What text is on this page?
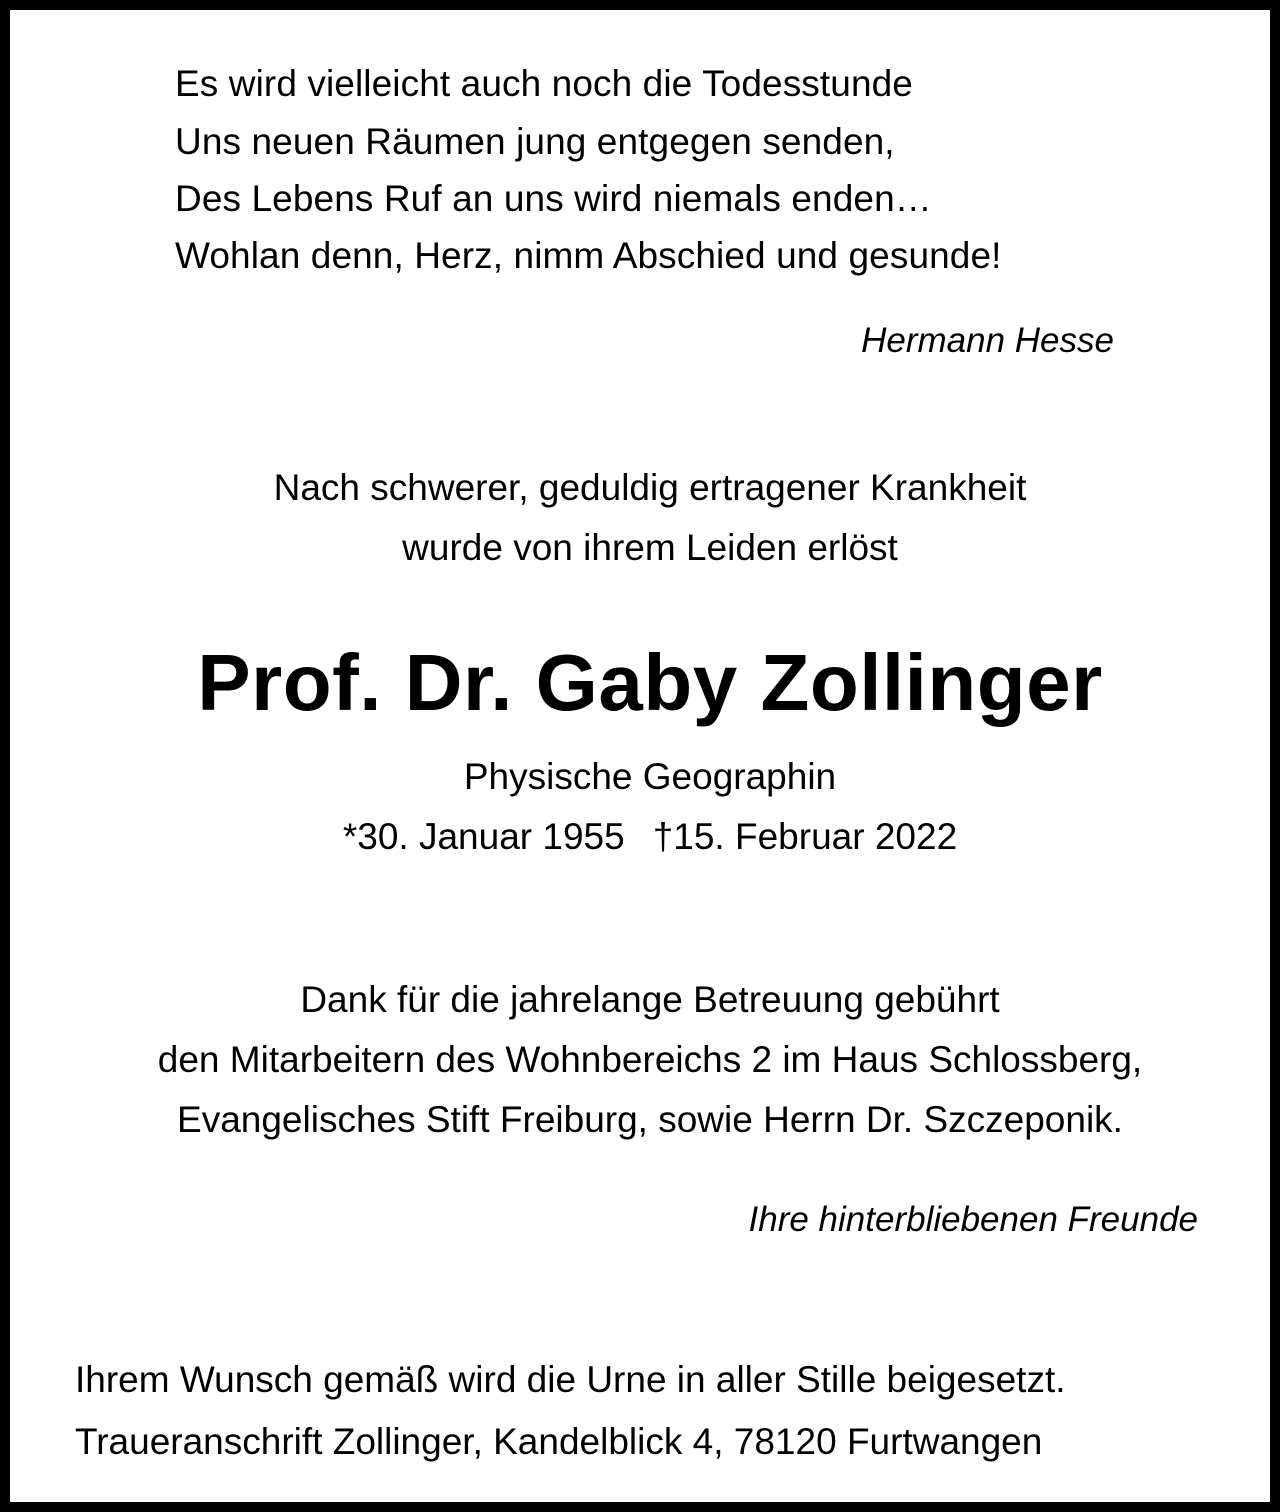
Es wird vielleicht auch noch die Todesstunde
Uns neuen Räumen jung entgegen senden,
Des Lebens Ruf an uns wird niemals enden…
Wohlan denn, Herz, nimm Abschied und gesunde!
Hermann Hesse
Nach schwerer, geduldig ertragener Krankheit
wurde von ihrem Leiden erlöst
Prof. Dr. Gaby Zollinger
Physische Geographin
*30. Januar 1955 †15. Februar 2022
Dank für die jahrelange Betreuung gebührt
den Mitarbeitern des Wohnbereichs 2 im Haus Schlossberg,
Evangelisches Stift Freiburg, sowie Herrn Dr. Szczeponik.
Ihre hinterbliebenen Freunde
Ihrem Wunsch gemäß wird die Urne in aller Stille beigesetzt.
Traueranschrift Zollinger, Kandelblick 4, 78120 Furtwangen
